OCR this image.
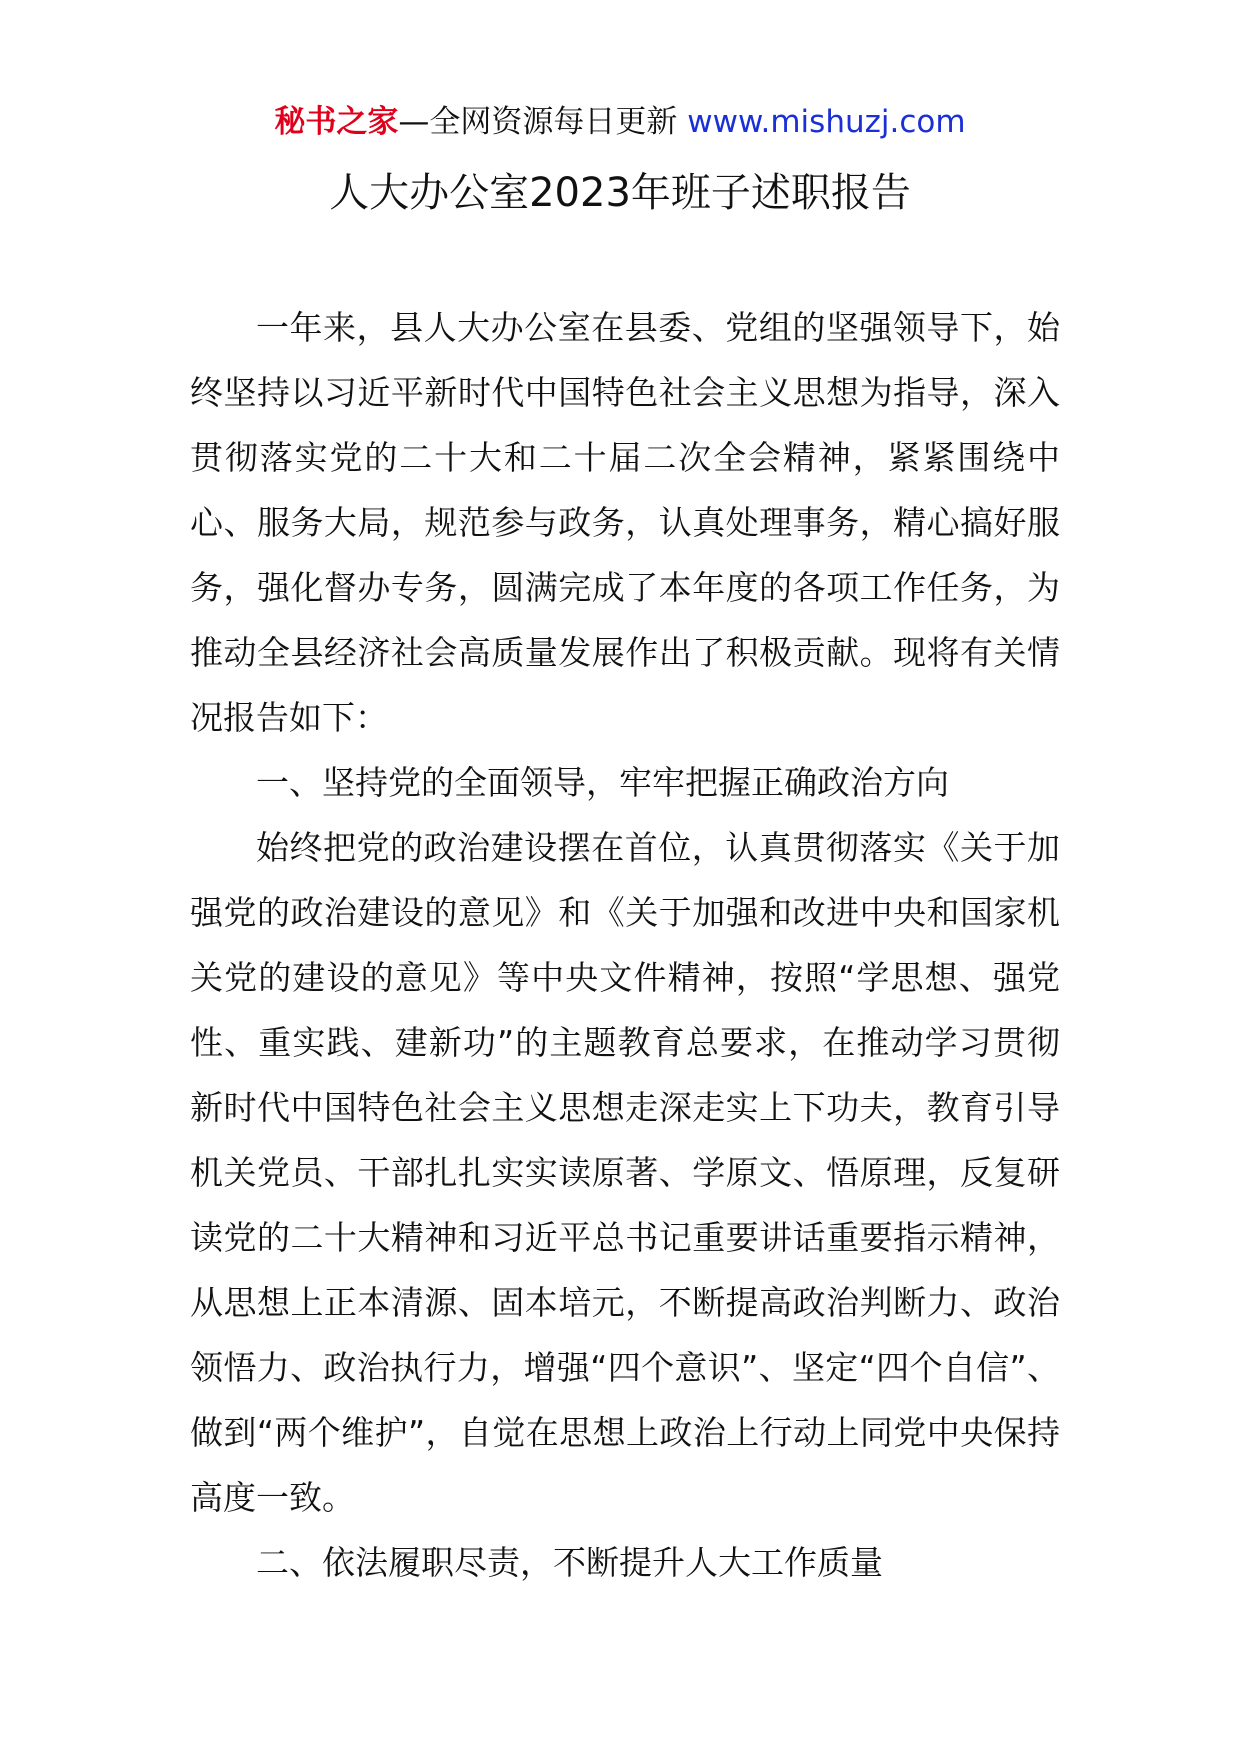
秘书之家—全网资源每日更新 www.mishuzj.com
人大办公室2023年班子述职报告

一年来，县人大办公室在县委、党组的坚强领导下，始终坚持以习近平新时代中国特色社会主义思想为指导，深入贯彻落实党的二十大和二十届二次全会精神，紧紧围绕中心、服务大局，规范参与政务，认真处理事务，精心搞好服务，强化督办专务，圆满完成了本年度的各项工作任务，为推动全县经济社会高质量发展作出了积极贡献。现将有关情况报告如下：

一、坚持党的全面领导，牢牢把握正确政治方向

始终把党的政治建设摆在首位，认真贯彻落实《关于加强党的政治建设的意见》和《关于加强和改进中央和国家机关党的建设的意见》等中央文件精神，按照“学思想、强党性、重实践、建新功”的主题教育总要求，在推动学习贯彻新时代中国特色社会主义思想走深走实上下功夫，教育引导机关党员、干部扎扎实实读原著、学原文、悟原理，反复研读党的二十大精神和习近平总书记重要讲话重要指示精神，从思想上正本清源、固本培元，不断提高政治判断力、政治领悟力、政治执行力，增强“四个意识”、坚定“四个自信”、做到“两个维护”，自觉在思想上政治上行动上同党中央保持高度一致。

二、依法履职尽责，不断提升人大工作质量
